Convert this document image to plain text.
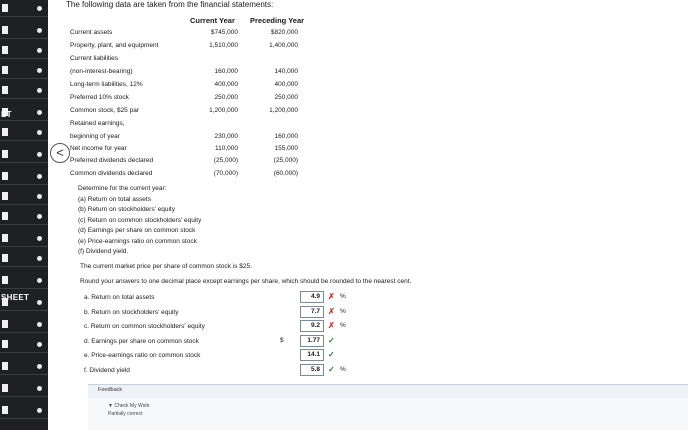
ET
SHEET
<
The following data are taken from the financial statements:
Current Year Preceding Year
Current assets	$745,000	$820,000
Property, plant, and equipment	1,510,000	1,400,000
Current liabilities
(non-interest-bearing)	160,000	140,000
Long-term liabilities, 12%	400,000	400,000
Preferred 10% stock	250,000	250,000
Common stock, $25 par	1,200,000	1,200,000
Retained earnings,
beginning of year	230,000	160,000
Net income for year	110,000	155,000
Preferred dividends declared	(25,000)	(25,000)
Common dividends declared	(70,000)	(60,000)
Determine for the current year:
(a) Return on total assets
(b) Return on stockholders' equity
(c) Return on common stockholders' equity
(d) Earnings per share on common stock
(e) Price-earnings ratio on common stock
(f) Dividend yield.
The current market price per share of common stock is $25.
Round your answers to one decimal place except earnings per share, which should be rounded to the nearest cent.
a. Return on total assets	4.9	✗ %
b. Return on stockholders' equity	7.7	✗ %
c. Return on common stockholders' equity	9.2	✗ %
d. Earnings per share on common stock	$	1.77	✓
e. Price-earnings ratio on common stock	14.1	✓
f. Dividend yield	5.8	✓ %
Feedback
▼ Check My Work
Partially correct
